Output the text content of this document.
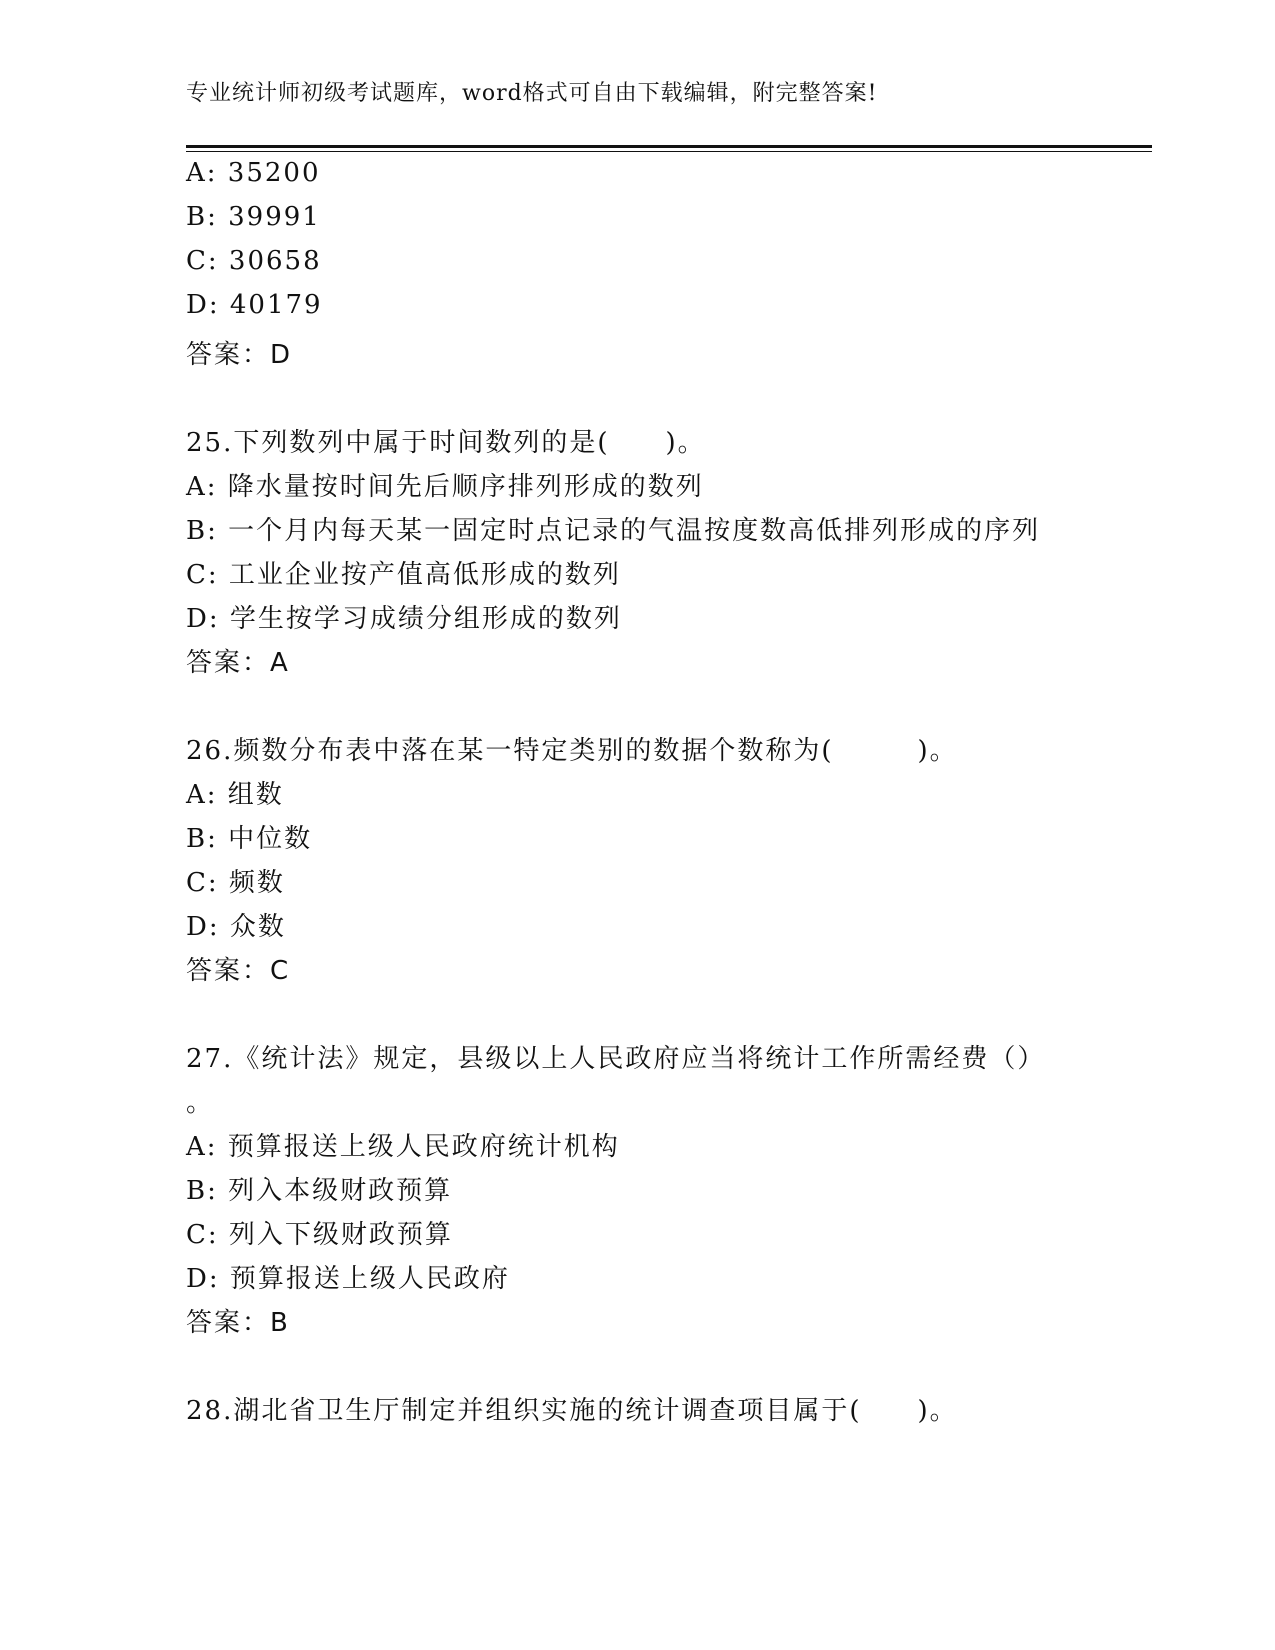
专业统计师初级考试题库，word格式可自由下载编辑，附完整答案!
A: 35200
B: 39991
C: 30658
D: 40179
答案：D
25.下列数列中属于时间数列的是(　　)。
A: 降水量按时间先后顺序排列形成的数列
B: 一个月内每天某一固定时点记录的气温按度数高低排列形成的序列
C: 工业企业按产值高低形成的数列
D: 学生按学习成绩分组形成的数列
答案：A
26.频数分布表中落在某一特定类别的数据个数称为(　　　)。
A: 组数
B: 中位数
C: 频数
D: 众数
答案：C
27.《统计法》规定，县级以上人民政府应当将统计工作所需经费（）
。
A: 预算报送上级人民政府统计机构
B: 列入本级财政预算
C: 列入下级财政预算
D: 预算报送上级人民政府
答案：B
28.湖北省卫生厅制定并组织实施的统计调查项目属于(　　)。
